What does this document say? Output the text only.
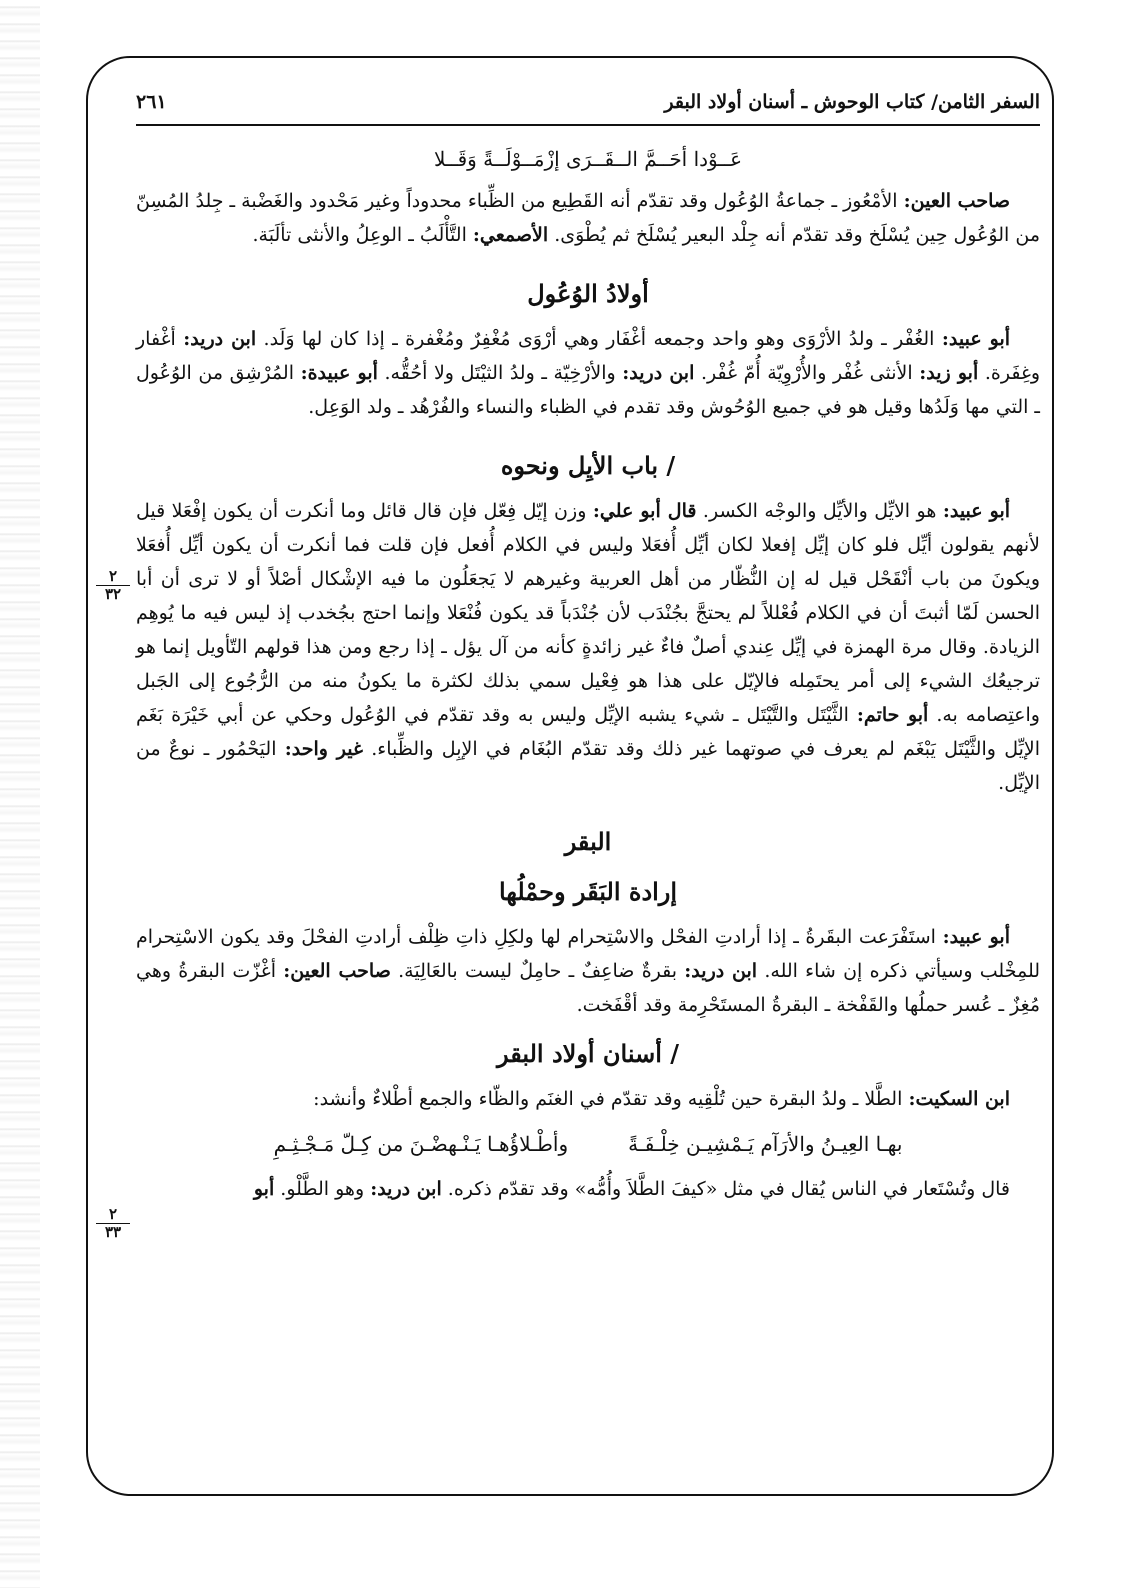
السفر الثامن/ كتاب الوحوش ـ أسنان أولاد البقر
٢٦١
٢
٣٢
٢
٣٣
عَــوْدا أحَــمَّ الــقَــرَى إزْمَــوْلَــةً وَقَــلا

صاحب العين: الأمْعُوز ـ جماعةُ الوُعُول وقد تقدّم أنه القَطِيع من الظِّباء محدوداً وغير مَحْدود والغَضْبة ـ جِلدُ المُسِنّ من الوُعُول حِين يُسْلَخ وقد تقدّم أنه جِلْد البعير يُسْلَخ ثم يُطْوَى. الأصمعي: التَّأْلَبُ ـ الوعِلُ والأنثى تألَبَة.

أولادُ الوُعُول

أبو عبيد: الغُفْر ـ ولدُ الأرْوَى وهو واحد وجمعه أغْفَار وهي أرْوَى مُغْفِرٌ ومُغْفرة ـ إذا كان لها وَلَد. ابن دريد: أغْفار وغِفَرة. أبو زيد: الأنثى غُفْر والأُرْوِيّة أُمّ غُفْر. ابن دريد: والأرْخِيّة ـ ولدُ الثيْتَل ولا أحُقُّه. أبو عبيدة: المُرْشِق من الوُعُول ـ التي مها وَلَدُها وقيل هو في جميع الوُحُوش وقد تقدم في الظباء والنساء والفُرْهُد ـ ولد الوَعِل.

/ باب الأيِل ونحوه

أبو عبيد: هو الايِّل والأيِّل والوجْه الكسر. قال أبو علي: وزن إيّل فِعّل فإن قال قائل وما أنكرت أن يكون إفْعَلا قيل لأنهم يقولون أيِّل فلو كان إيِّل إفعلا لكان أيِّل أُفعَلا وليس في الكلام أُفعل فإن قلت فما أنكرت أن يكون أيِّل أُفعَلا ويكونَ من باب أنْقَحْل قيل له إن النُّظّار من أهل العربية وغيرهم لا يَجعَلُون ما فيه الإشْكال أصْلاً أو لا ترى أن أبا الحسن لَمّا أثبتَ أن في الكلام فُعْللاً لم يحتجَّ بجُنْدَب لأن جُنْدَباً قد يكون فُنْعَلا وإنما احتج بجُخدب إذ ليس فيه ما يُوهِم الزيادة. وقال مرة الهمزة في إيِّل عِندي أصلٌ فاءٌ غير زائدةٍ كأنه من آل يؤل ـ إذا رجع ومن هذا قولهم التّأويل إنما هو ترجيعُك الشيء إلى أمر يحتَمِله فالإيّل على هذا هو فِعْيل سمي بذلك لكثرة ما يكونُ منه من الرُّجُوع إلى الجَبل واعتِصامه به. أبو حاتم: الثَّيْتَل والتَّيْتَل ـ شيء يشبه الإيِّل وليس به وقد تقدّم في الوُعُول وحكي عن أبي خَيْرَة بَغَم الإيِّل والثَّيْتَل يَبْغَم لم يعرف في صوتهما غير ذلك وقد تقدّم البُغَام في الإبِل والظِّباء. غير واحد: اليَحْمُور ـ نوعٌ من الإيِّل.

البقر
إرادة البَقَر وحمْلُها

أبو عبيد: استَفْرَعت البقَرةُ ـ إذا أرادتِ الفحْل والاسْتِحرام لها ولكِلِ ذاتِ ظِلْف أرادتِ الفحْلَ وقد يكون الاسْتِحرام للمِخْلب وسيأتي ذكره إن شاء الله. ابن دريد: بقرةٌ ضاعِفٌ ـ حامِلٌ ليست بالعَالِيَة. صاحب العين: أغْزّت البقرةُ وهي مُغِزٌ ـ عُسر حملُها والقَفْخة ـ البقرةُ المستَحْرِمة وقد أقْفَخت.

/ أسنان أولاد البقر

ابن السكيت: الطَّلا ـ ولدُ البقرة حين تُلْقِيه وقد تقدّم في الغنَم والظّاء والجمع أطْلاءٌ وأنشد:

بهـا العِيـنُ والأرَآم يَـمْشِيـن خِلْـفَـةً
وأطْـلاؤُهـا يَـنْـهضْـنَ من كِـلّ مَـجْـثِـمِ

قال وتُسْتَعار في الناس يُقال في مثل «كيفَ الطَّلاَ وأُمُّه» وقد تقدّم ذكره. ابن دريد: وهو الطَّلْو. أبو
